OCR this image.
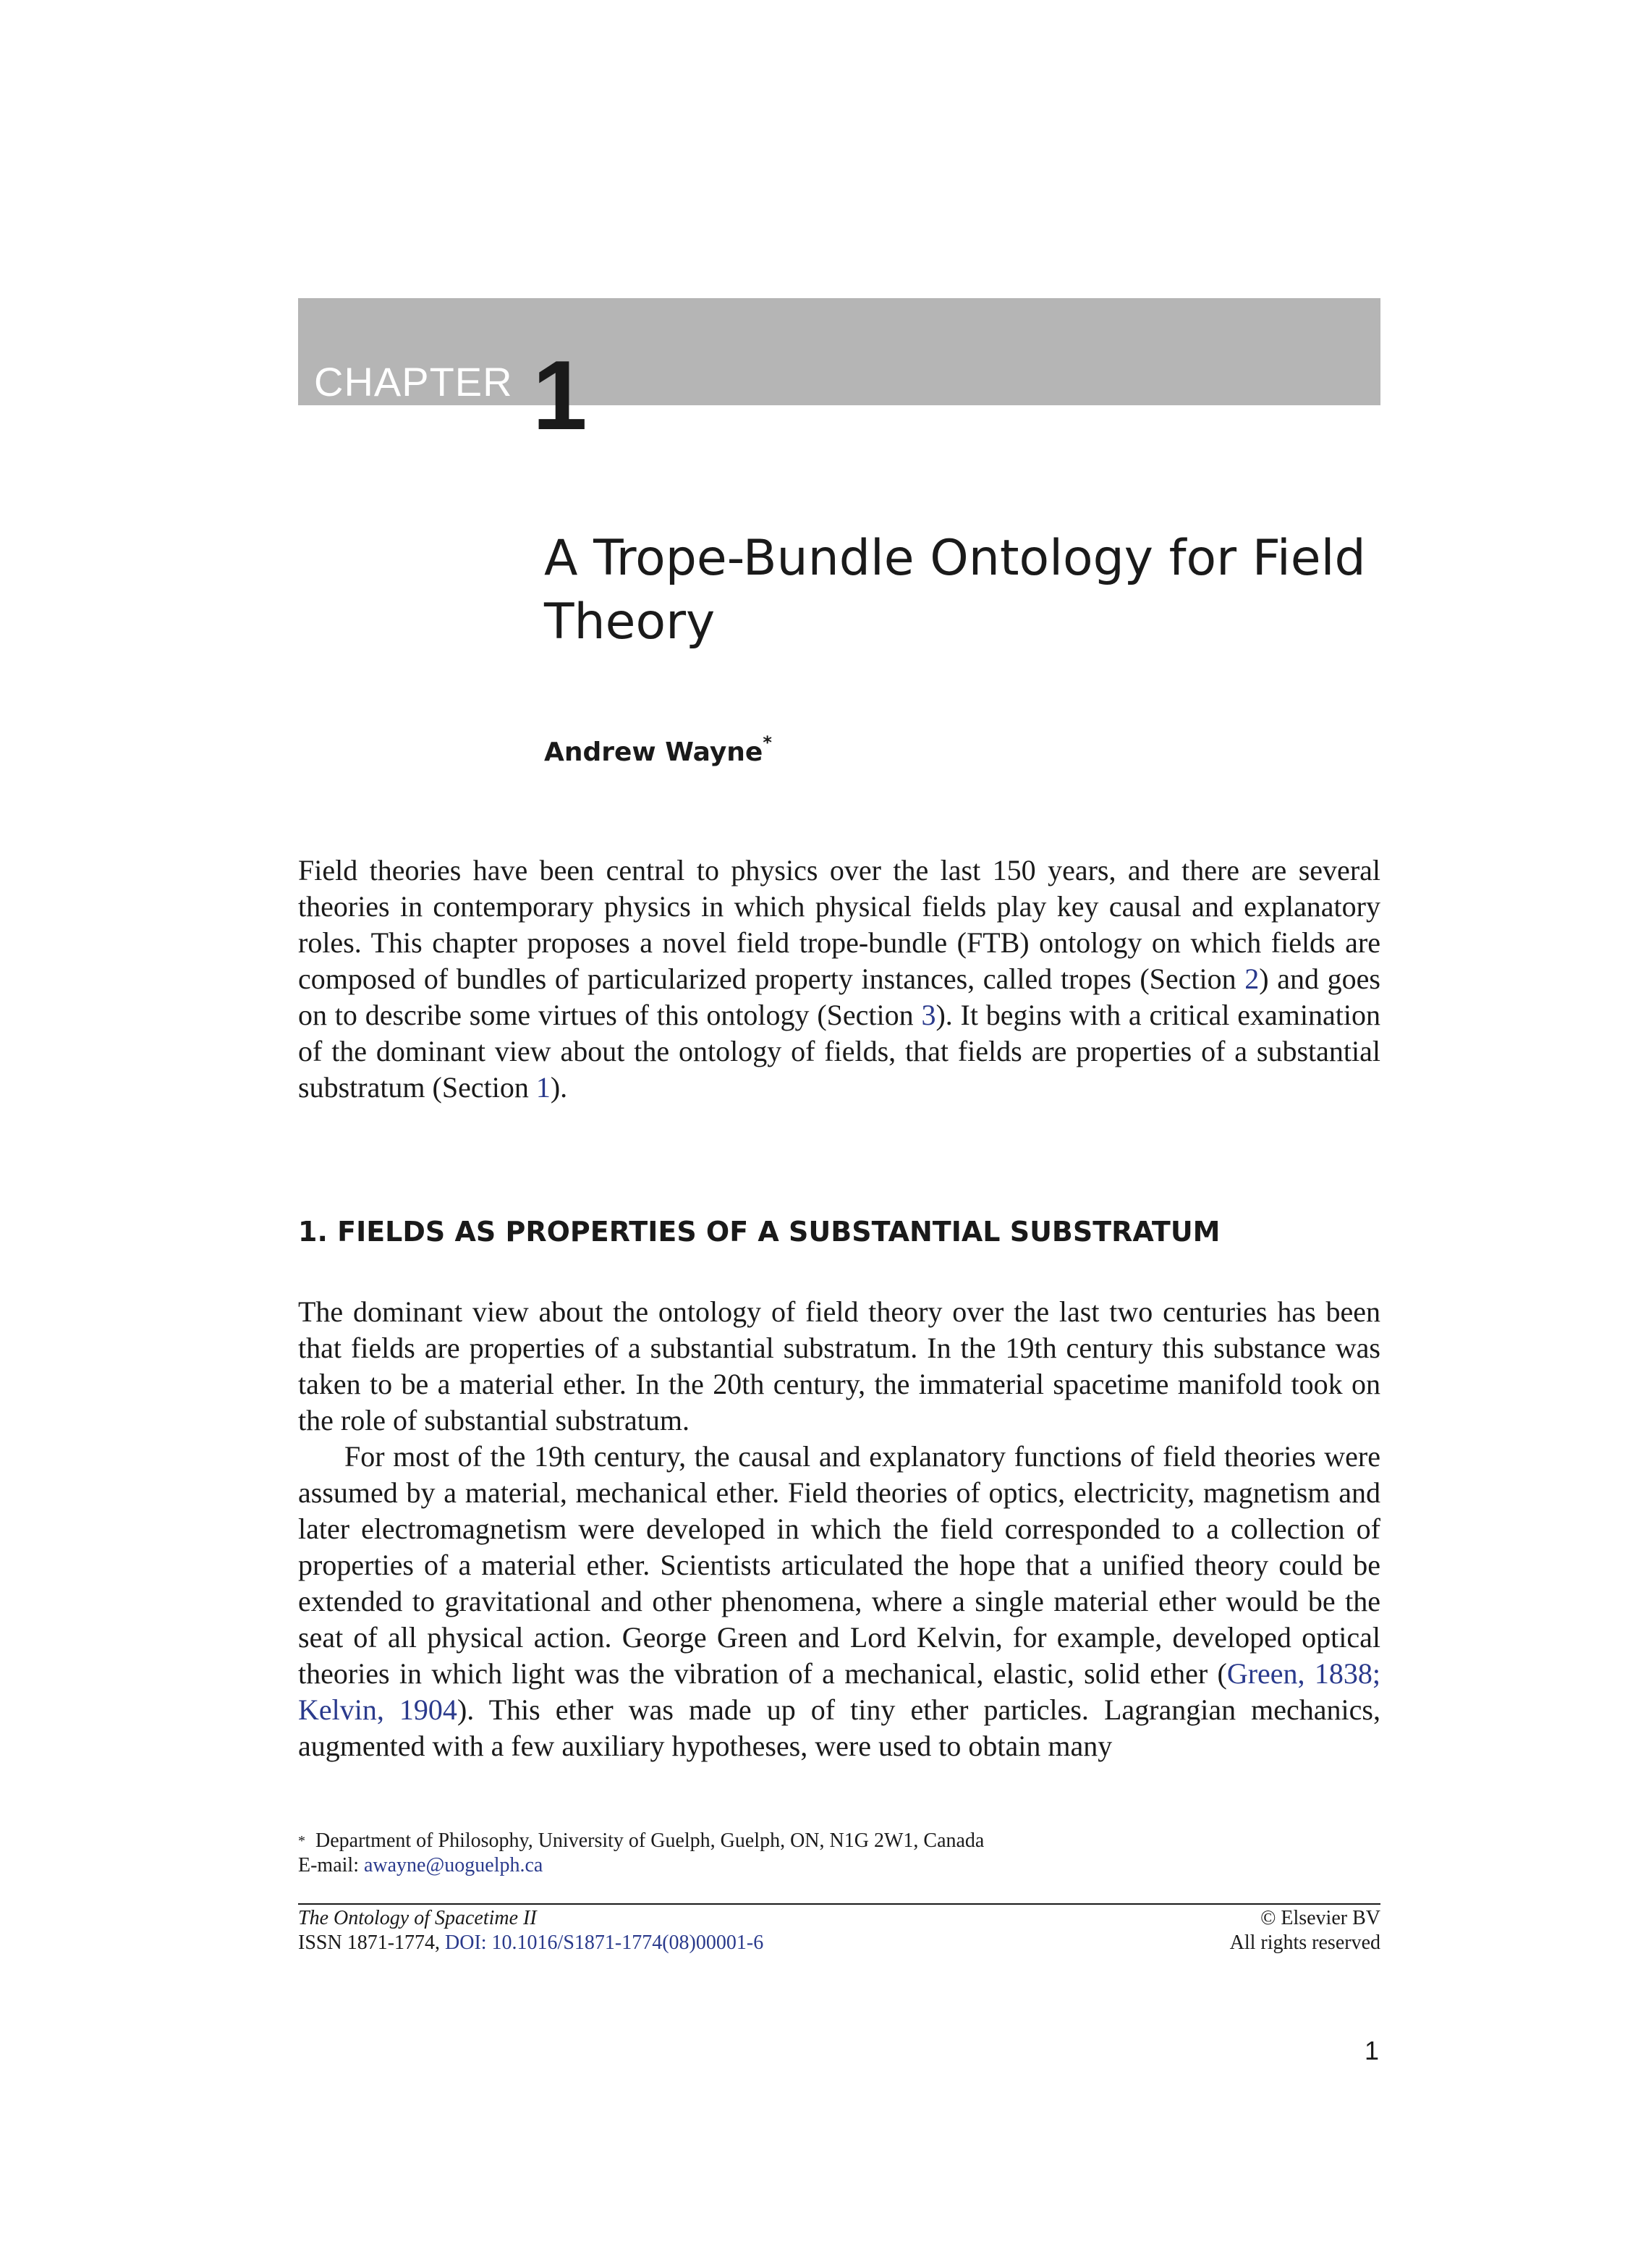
CHAPTER 1
A Trope-Bundle Ontology for Field
Theory
Andrew Wayne*

Field theories have been central to physics over the last 150 years, and there are several theories in contemporary physics in which physical fields play key causal and explanatory roles. This chapter proposes a novel field trope-bundle (FTB) ontology on which fields are composed of bundles of particularized property instances, called tropes (Section 2) and goes on to describe some virtues of this ontology (Section 3). It begins with a critical examination of the dominant view about the ontology of fields, that fields are properties of a substantial substratum (Section 1).

1. FIELDS AS PROPERTIES OF A SUBSTANTIAL SUBSTRATUM

The dominant view about the ontology of field theory over the last two centuries has been that fields are properties of a substantial substratum. In the 19th century this substance was taken to be a material ether. In the 20th century, the immaterial spacetime manifold took on the role of substantial substratum.

For most of the 19th century, the causal and explanatory functions of field theories were assumed by a material, mechanical ether. Field theories of optics, electricity, magnetism and later electromagnetism were developed in which the field corresponded to a collection of properties of a material ether. Scientists articulated the hope that a unified theory could be extended to gravitational and other phenomena, where a single material ether would be the seat of all physical action. George Green and Lord Kelvin, for example, developed optical theories in which light was the vibration of a mechanical, elastic, solid ether (Green, 1838; Kelvin, 1904). This ether was made up of tiny ether particles. Lagrangian mechanics, augmented with a few auxiliary hypotheses, were used to obtain many

* Department of Philosophy, University of Guelph, Guelph, ON, N1G 2W1, Canada
E-mail: awayne@uoguelph.ca
The Ontology of Spacetime II
ISSN 1871-1774, DOI: 10.1016/S1871-1774(08)00001-6
© Elsevier BV
All rights reserved
1
